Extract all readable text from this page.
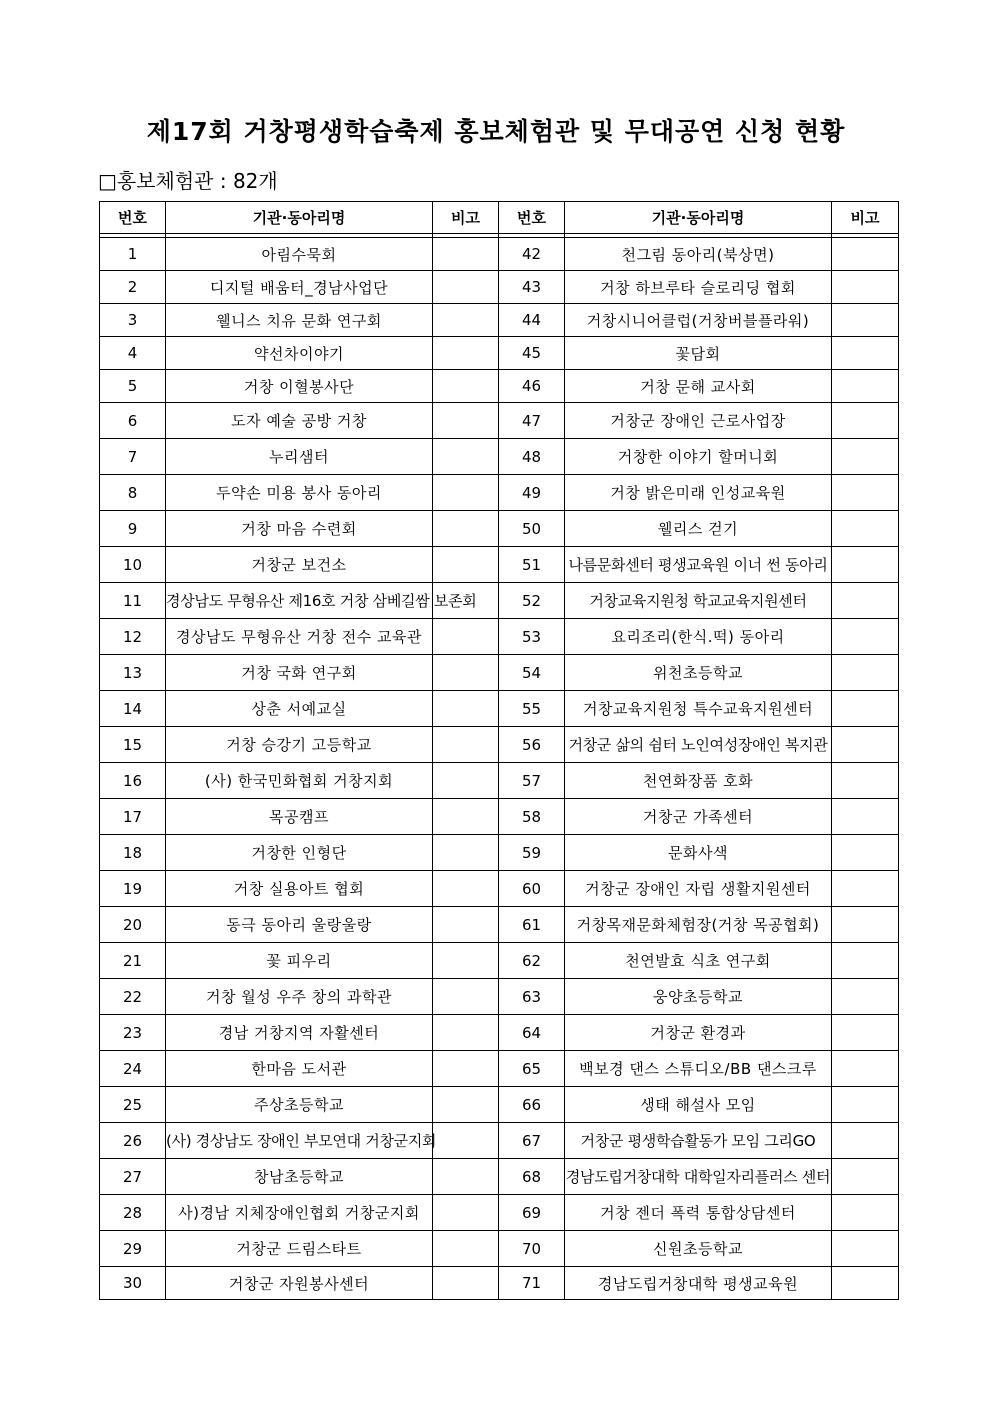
제17회 거창평생학습축제 홍보체험관 및 무대공연 신청 현황
□홍보체험관 : 82개
번호	기관·동아리명	비고	번호	기관·동아리명	비고

1	아림수묵회		42	천그림 동아리(북상면)	
2	디지털 배움터_경남사업단		43	거창 하브루타 슬로리딩 협회	
3	웰니스 치유 문화 연구회		44	거창시니어클럽(거창버블플라워)	
4	약선차이야기		45	꽃담회	
5	거창 이혈봉사단		46	거창 문해 교사회	
6	도자 예술 공방 거창		47	거창군 장애인 근로사업장	
7	누리샘터		48	거창한 이야기 할머니회	
8	두약손 미용 봉사 동아리		49	거창 밝은미래 인성교육원	
9	거창 마음 수련회		50	웰리스 걷기	
10	거창군 보건소		51	나름문화센터 평생교육원 이너 썬 동아리	
11	경상남도 무형유산 제16호 거창 삼베길쌈 보존회		52	거창교육지원청 학교교육지원센터	
12	경상남도 무형유산 거창 전수 교육관		53	요리조리(한식.떡) 동아리	
13	거창 국화 연구회		54	위천초등학교	
14	상춘 서예교실		55	거창교육지원청 특수교육지원센터	
15	거창 승강기 고등학교		56	거창군 삶의 쉼터 노인여성장애인 복지관	
16	(사) 한국민화협회 거창지회		57	천연화장품 호화	
17	목공캠프		58	거창군 가족센터	
18	거창한 인형단		59	문화사색	
19	거창 실용아트 협회		60	거창군 장애인 자립 생활지원센터	
20	동극 동아리 울랑울랑		61	거창목재문화체험장(거창 목공협회)	
21	꽃 피우리		62	천연발효 식초 연구회	
22	거창 월성 우주 창의 과학관		63	웅양초등학교	
23	경남 거창지역 자활센터		64	거창군 환경과	
24	한마음 도서관		65	백보경 댄스 스튜디오/BB 댄스크루	
25	주상초등학교		66	생태 해설사 모임	
26	(사) 경상남도 장애인 부모연대 거창군지회		67	거창군 평생학습활동가 모임 그리GO	
27	창남초등학교		68	경남도립거창대학 대학일자리플러스 센터	
28	사)경남 지체장애인협회 거창군지회		69	거창 젠더 폭력 통합상담센터	
29	거창군 드림스타트		70	신원초등학교	
30	거창군 자원봉사센터		71	경남도립거창대학 평생교육원	
